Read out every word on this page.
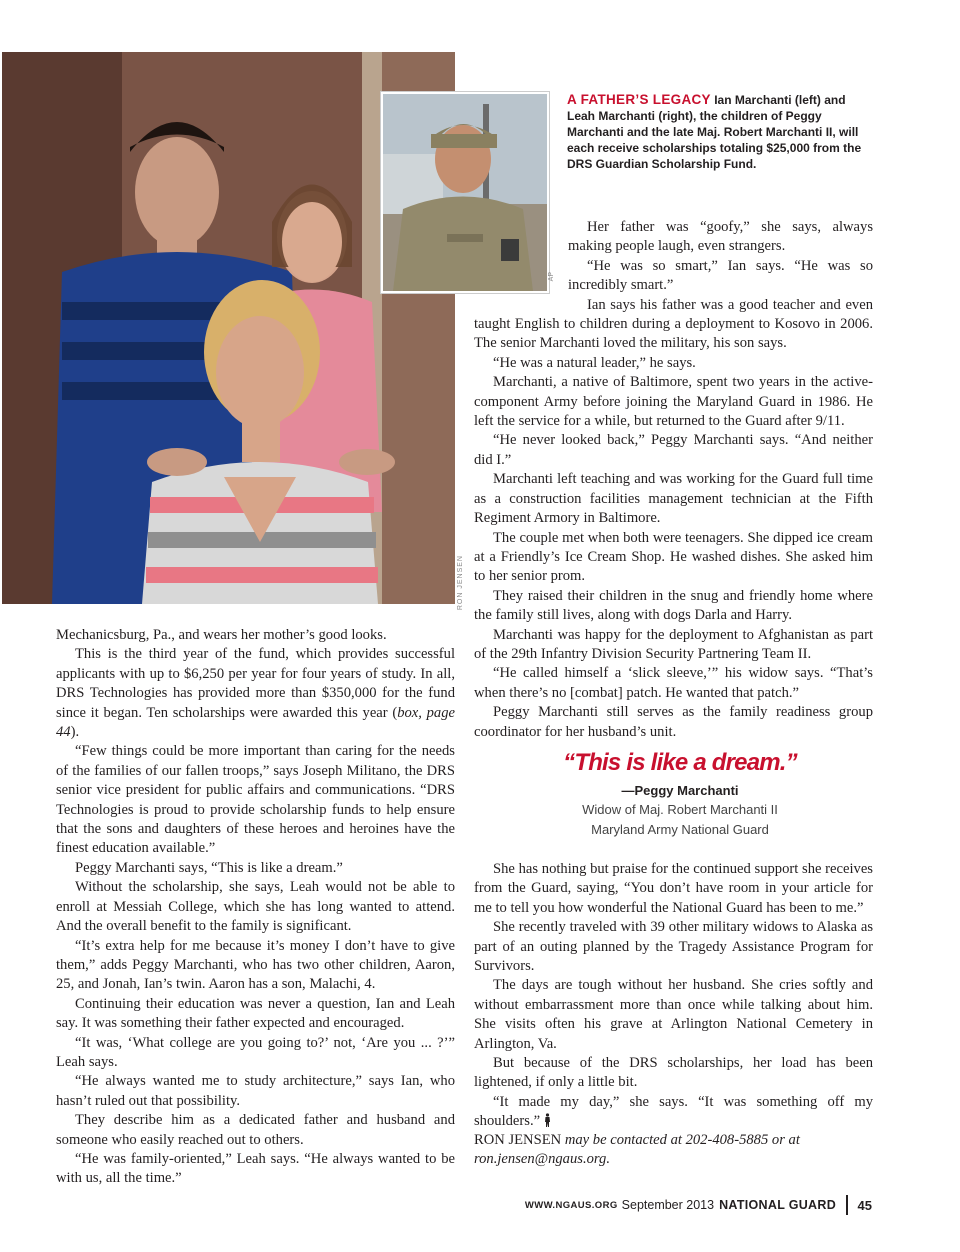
RON JENSEN
AP
A FATHER’S LEGACY Ian Marchanti (left) and Leah Marchanti (right), the children of Peggy Marchanti and the late Maj. Robert Marchanti II, will each receive scholarships totaling $25,000 from the DRS Guardian Scholarship Fund.

Mechanicsburg, Pa., and wears her mother’s good looks.

This is the third year of the fund, which provides successful applicants with up to $6,250 per year for four years of study. In all, DRS Technologies has provided more than $350,000 for the fund since it began. Ten scholarships were awarded this year (box, page 44).

“Few things could be more important than caring for the needs of the families of our fallen troops,” says Joseph Militano, the DRS senior vice president for public affairs and communications. “DRS Technologies is proud to provide scholarship funds to help ensure that the sons and daughters of these heroes and heroines have the finest education available.”

Peggy Marchanti says, “This is like a dream.”

Without the scholarship, she says, Leah would not be able to enroll at Messiah College, which she has long wanted to attend. And the overall benefit to the family is significant.

“It’s extra help for me because it’s money I don’t have to give them,” adds Peggy Marchanti, who has two other children, Aaron, 25, and Jonah, Ian’s twin. Aaron has a son, Malachi, 4.

Continuing their education was never a question, Ian and Leah say. It was something their father expected and encouraged.

“It was, ‘What college are you going to?’ not, ‘Are you ... ?’” Leah says.

“He always wanted me to study architecture,” says Ian, who hasn’t ruled out that possibility.

They describe him as a dedicated father and husband and someone who easily reached out to others.

“He was family-oriented,” Leah says. “He always wanted to be with us, all the time.”

Her father was “goofy,” she says, always making people laugh, even strangers.

“He was so smart,” Ian says. “He was so incredibly smart.”

Ian says his father was a good teacher and even taught English to children during a deployment to Kosovo in 2006. The senior Marchanti loved the military, his son says.

“He was a natural leader,” he says.

Marchanti, a native of Baltimore, spent two years in the active-component Army before joining the Maryland Guard in 1986. He left the service for a while, but returned to the Guard after 9/11.

“He never looked back,” Peggy Marchanti says. “And neither did I.”

Marchanti left teaching and was working for the Guard full time as a construction facilities management technician at the Fifth Regiment Armory in Baltimore.

The couple met when both were teenagers. She dipped ice cream at a Friendly’s Ice Cream Shop. He washed dishes. She asked him to her senior prom.

They raised their children in the snug and friendly home where the family still lives, along with dogs Darla and Harry.

Marchanti was happy for the deployment to Afghanistan as part of the 29th Infantry Division Security Partnering Team II.

“He called himself a ‘slick sleeve,’” his widow says. “That’s when there’s no [combat] patch. He wanted that patch.”

Peggy Marchanti still serves as the family readiness group coordinator for her husband’s unit.

“This is like a dream.”
—Peggy Marchanti
Widow of Maj. Robert Marchanti II
Maryland Army National Guard

She has nothing but praise for the continued support she receives from the Guard, saying, “You don’t have room in your article for me to tell you how wonderful the National Guard has been to me.”

She recently traveled with 39 other military widows to Alaska as part of an outing planned by the Tragedy Assistance Program for Survivors.

The days are tough without her husband. She cries softly and without embarrassment more than once while talking about him. She visits often his grave at Arlington National Cemetery in Arlington, Va.

But because of the DRS scholarships, her load has been lightened, if only a little bit.

“It made my day,” she says. “It was something off my shoulders.”

RON JENSEN may be contacted at 202-408-5885 or at ron.jensen@ngaus.org.
WWW.NGAUS.ORG September 2013 NATIONAL GUARD 45
